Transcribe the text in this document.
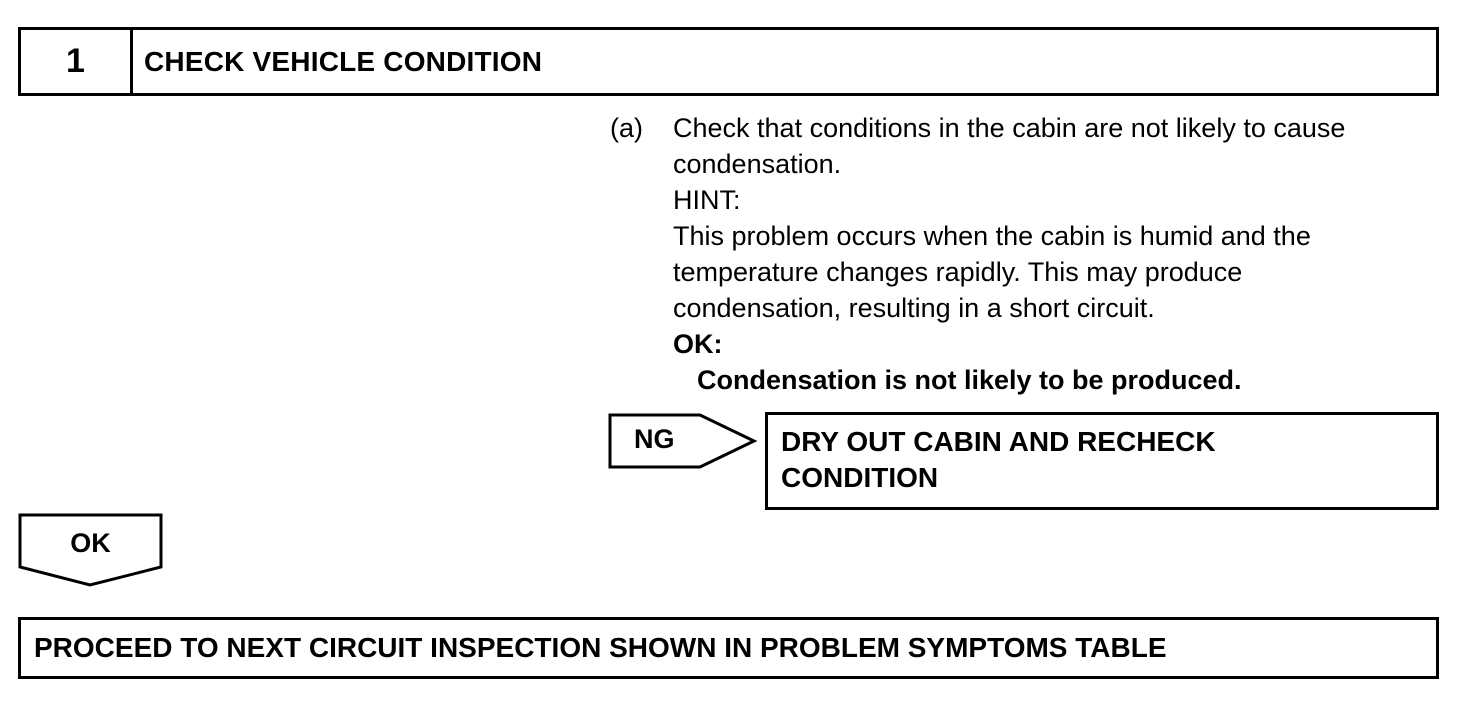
1	CHECK VEHICLE CONDITION
(a) Check that conditions in the cabin are not likely to cause
condensation.
HINT:
This problem occurs when the cabin is humid and the
temperature changes rapidly. This may produce
condensation, resulting in a short circuit.
OK:
Condensation is not likely to be produced.
NG	DRY OUT CABIN AND RECHECK
CONDITION
OK
PROCEED TO NEXT CIRCUIT INSPECTION SHOWN IN PROBLEM SYMPTOMS TABLE
